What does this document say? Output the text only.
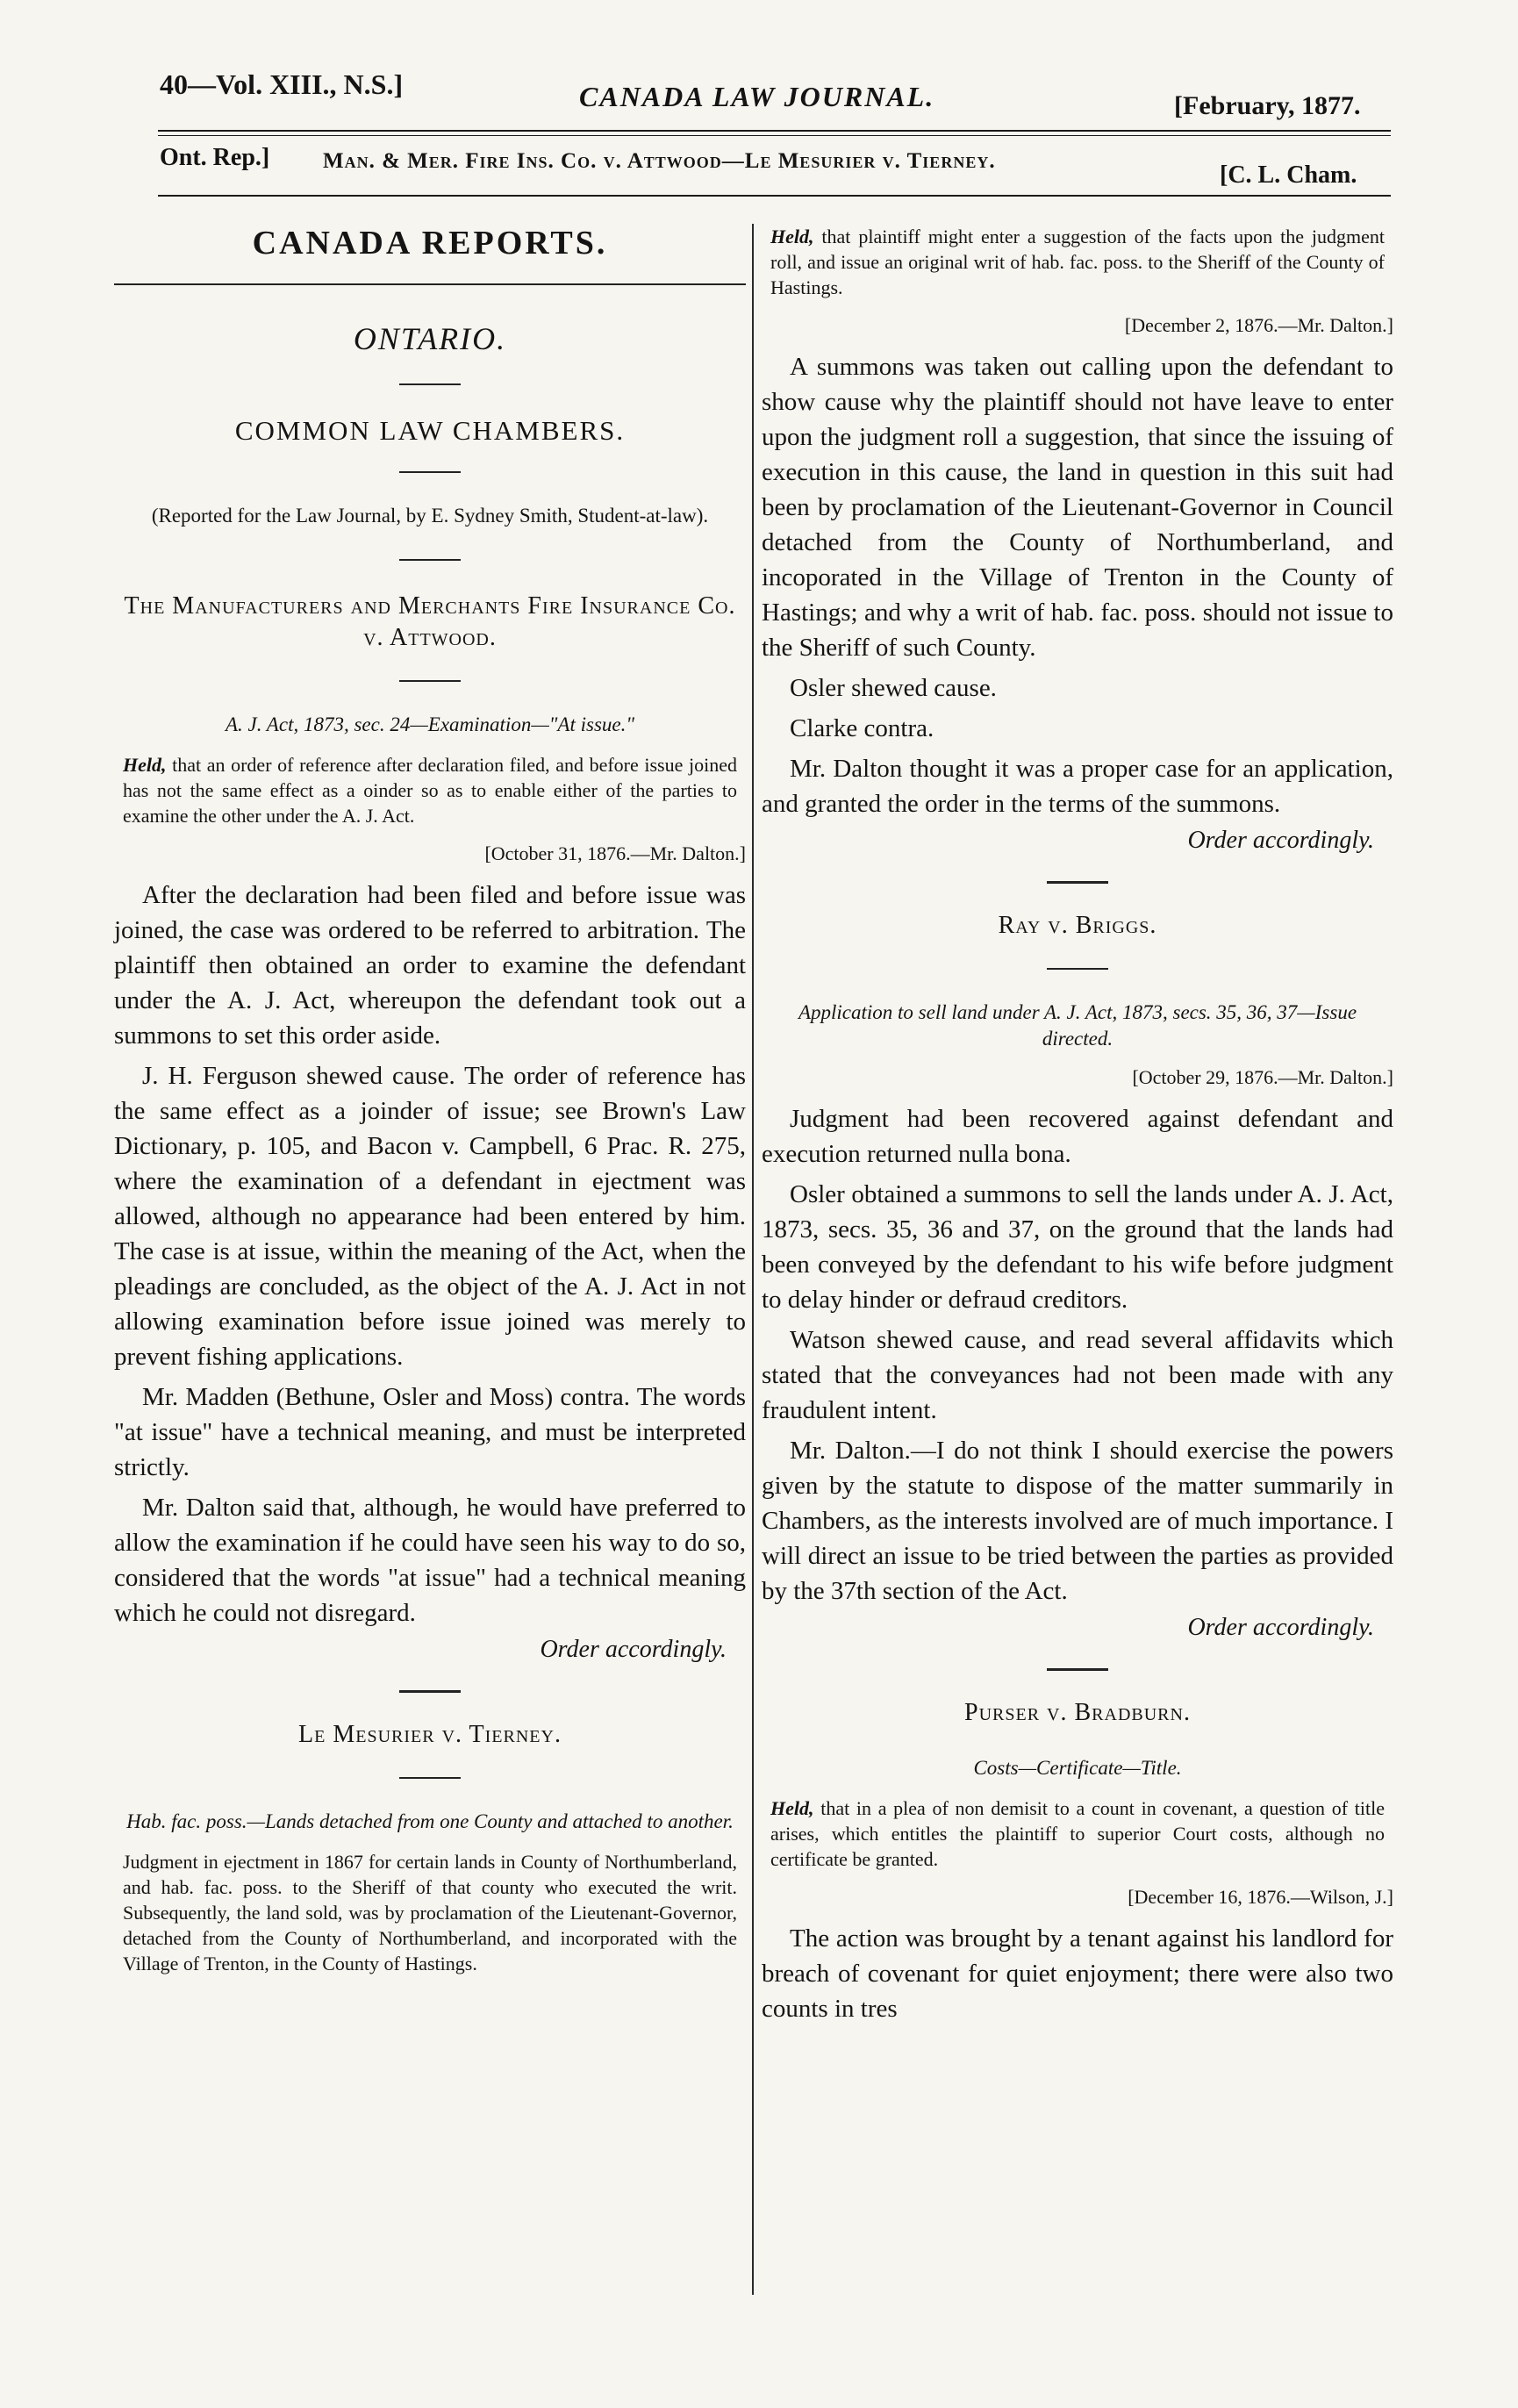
40—Vol. XIII., N.S.]	CANADA LAW JOURNAL.	[February, 1877.
Ont. Rep.] Man. & Mer. Fire Ins. Co. v. Attwood—Le Mesurier v. Tierney.
[C. L. Cham.
CANADA REPORTS.
ONTARIO.
COMMON LAW CHAMBERS.
(Reported for the Law Journal, by E. Sydney Smith, Student-at-law).
The Manufacturers and Merchants Fire Insurance Co. v. Attwood.
A. J. Act, 1873, sec. 24—Examination—"At issue."
Held, that an order of reference after declaration filed, and before issue joined has not the same effect as a oinder so as to enable either of the parties to examine the other under the A. J. Act.
[October 31, 1876.—Mr. Dalton.]

After the declaration had been filed and before issue was joined, the case was ordered to be referred to arbitration. The plaintiff then obtained an order to examine the defendant under the A. J. Act, whereupon the defendant took out a summons to set this order aside.

J. H. Ferguson shewed cause. The order of reference has the same effect as a joinder of issue; see Brown's Law Dictionary, p. 105, and Bacon v. Campbell, 6 Prac. R. 275, where the examination of a defendant in ejectment was allowed, although no appearance had been entered by him. The case is at issue, within the meaning of the Act, when the pleadings are concluded, as the object of the A. J. Act in not allowing examination before issue joined was merely to prevent fishing applications.

Mr. Madden (Bethune, Osler and Moss) contra. The words "at issue" have a technical meaning, and must be interpreted strictly.

Mr. Dalton said that, although, he would have preferred to allow the examination if he could have seen his way to do so, considered that the words "at issue" had a technical meaning which he could not disregard.

Order accordingly.
Le Mesurier v. Tierney.
Hab. fac. poss.—Lands detached from one County and attached to another.
Judgment in ejectment in 1867 for certain lands in County of Northumberland, and hab. fac. poss. to the Sheriff of that county who executed the writ. Subsequently, the land sold, was by proclamation of the Lieutenant-Governor, detached from the County of Northumberland, and incorporated with the Village of Trenton, in the County of Hastings.
Held, that plaintiff might enter a suggestion of the facts upon the judgment roll, and issue an original writ of hab. fac. poss. to the Sheriff of the County of Hastings.
[December 2, 1876.—Mr. Dalton.]

A summons was taken out calling upon the defendant to show cause why the plaintiff should not have leave to enter upon the judgment roll a suggestion, that since the issuing of execution in this cause, the land in question in this suit had been by proclamation of the Lieutenant-Governor in Council detached from the County of Northumberland, and incoporated in the Village of Trenton in the County of Hastings; and why a writ of hab. fac. poss. should not issue to the Sheriff of such County.

Osler shewed cause.

Clarke contra.

Mr. Dalton thought it was a proper case for an application, and granted the order in the terms of the summons.

Order accordingly.
Ray v. Briggs.
Application to sell land under A. J. Act, 1873, secs. 35, 36, 37—Issue directed.
[October 29, 1876.—Mr. Dalton.]

Judgment had been recovered against defendant and execution returned nulla bona.

Osler obtained a summons to sell the lands under A. J. Act, 1873, secs. 35, 36 and 37, on the ground that the lands had been conveyed by the defendant to his wife before judgment to delay hinder or defraud creditors.

Watson shewed cause, and read several affidavits which stated that the conveyances had not been made with any fraudulent intent.

Mr. Dalton.—I do not think I should exercise the powers given by the statute to dispose of the matter summarily in Chambers, as the interests involved are of much importance. I will direct an issue to be tried between the parties as provided by the 37th section of the Act.

Order accordingly.
Purser v. Bradburn.
Costs—Certificate—Title.
Held, that in a plea of non demisit to a count in covenant, a question of title arises, which entitles the plaintiff to superior Court costs, although no certificate be granted.
[December 16, 1876.—Wilson, J.]

The action was brought by a tenant against his landlord for breach of covenant for quiet enjoyment; there were also two counts in tres
